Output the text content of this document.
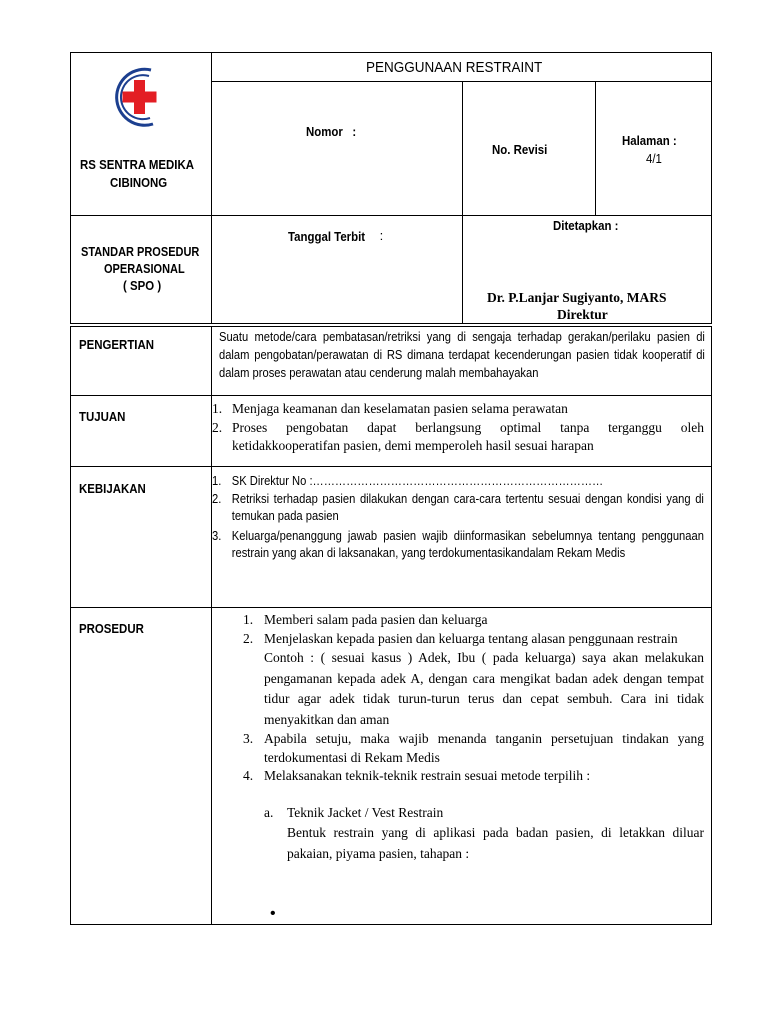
RS SENTRA MEDIKA
CIBINONG
PENGGUNAAN RESTRAINT
Nomor   :
No. Revisi
Halaman :
4/1
STANDAR PROSEDUR
OPERASIONAL
( SPO )
Tanggal Terbit :
Ditetapkan :
Dr. P.Lanjar Sugiyanto, MARS
Direktur
PENGERTIAN
Suatu metode/cara pembatasan/retriksi yang di sengaja terhadap gerakan/perilaku pasien di dalam pengobatan/perawatan di RS dimana terdapat kecenderungan pasien tidak kooperatif di dalam proses perawatan atau cenderung malah membahayakan
TUJUAN
1. Menjaga keamanan dan keselamatan pasien selama perawatan
2. Proses pengobatan dapat berlangsung optimal tanpa terganggu oleh ketidakkooperatifan pasien, demi memperoleh hasil sesuai harapan
KEBIJAKAN
1. SK Direktur No :……………………………………………………………………
2. Retriksi terhadap pasien dilakukan dengan cara-cara tertentu sesuai dengan kondisi yang di temukan pada pasien
3. Keluarga/penanggung jawab pasien wajib diinformasikan sebelumnya tentang penggunaan restrain yang akan di laksanakan, yang terdokumentasikandalam Rekam Medis
PROSEDUR
1. Memberi salam pada pasien dan keluarga
2. Menjelaskan kepada pasien dan keluarga tentang alasan penggunaan restrain
Contoh : ( sesuai kasus ) Adek, Ibu ( pada keluarga) saya akan melakukan pengamanan kepada adek A, dengan cara mengikat badan adek dengan tempat tidur agar adek tidak turun-turun terus dan cepat sembuh. Cara ini tidak menyakitkan dan aman
3. Apabila setuju, maka wajib menanda tanganin persetujuan tindakan yang terdokumentasi di Rekam Medis
4. Melaksanakan teknik-teknik restrain sesuai metode terpilih :
a. Teknik Jacket / Vest Restrain
Bentuk restrain yang di aplikasi pada badan pasien, di letakkan diluar pakaian, piyama pasien, tahapan :
•
